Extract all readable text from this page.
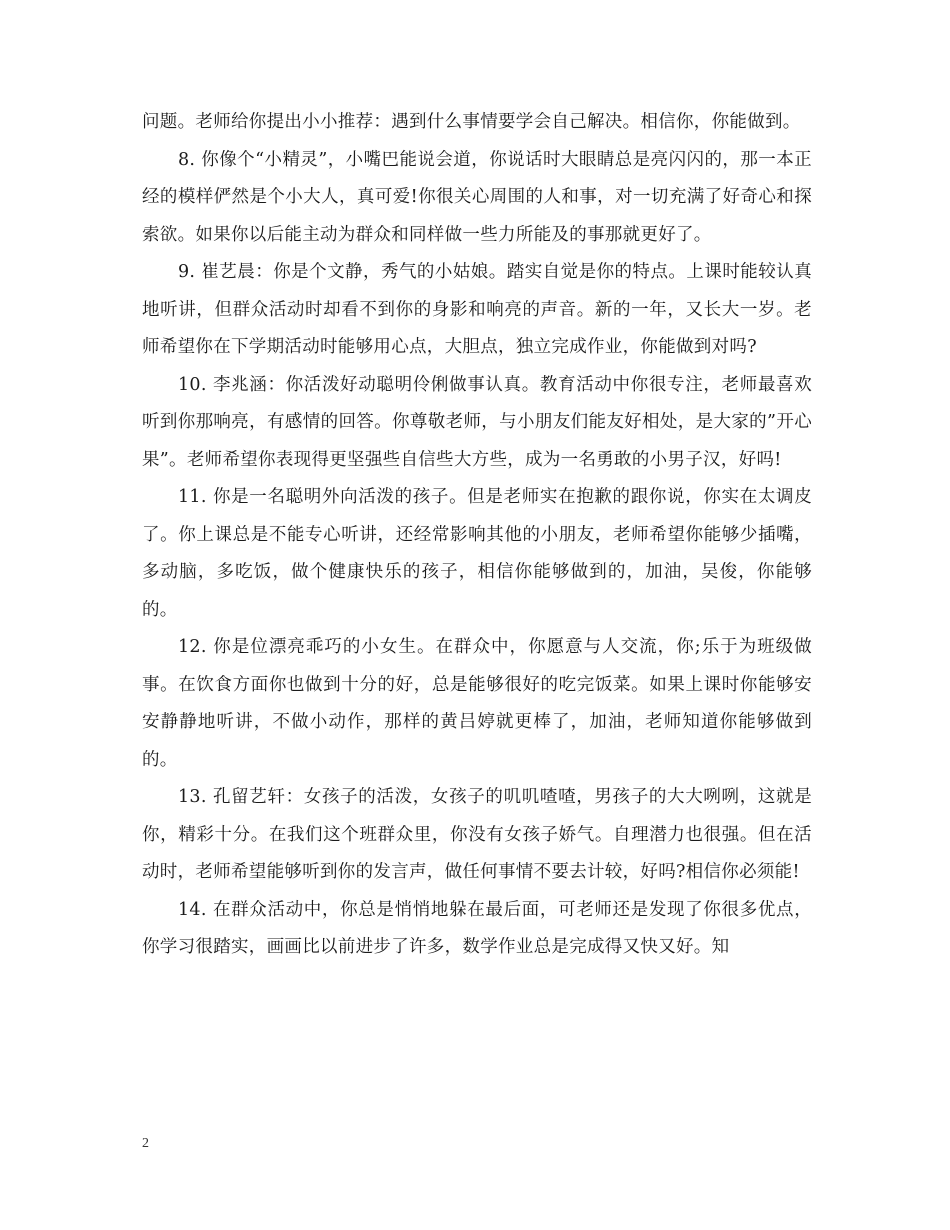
问题。老师给你提出小小推荐：遇到什么事情要学会自己解决。相信你，你能做到。

8. 你像个“小精灵”，小嘴巴能说会道，你说话时大眼睛总是亮闪闪的，那一本正经的模样俨然是个小大人，真可爱!你很关心周围的人和事，对一切充满了好奇心和探索欲。如果你以后能主动为群众和同样做一些力所能及的事那就更好了。

9. 崔艺晨：你是个文静，秀气的小姑娘。踏实自觉是你的特点。上课时能较认真地听讲，但群众活动时却看不到你的身影和响亮的声音。新的一年，又长大一岁。老师希望你在下学期活动时能够用心点，大胆点，独立完成作业，你能做到对吗?

10. 李兆涵：你活泼好动聪明伶俐做事认真。教育活动中你很专注，老师最喜欢听到你那响亮，有感情的回答。你尊敬老师，与小朋友们能友好相处，是大家的”开心果”。老师希望你表现得更坚强些自信些大方些，成为一名勇敢的小男子汉，好吗!

11. 你是一名聪明外向活泼的孩子。但是老师实在抱歉的跟你说，你实在太调皮了。你上课总是不能专心听讲，还经常影响其他的小朋友，老师希望你能够少插嘴，多动脑，多吃饭，做个健康快乐的孩子，相信你能够做到的，加油，吴俊，你能够的。

12. 你是位漂亮乖巧的小女生。在群众中，你愿意与人交流，你;乐于为班级做事。在饮食方面你也做到十分的好，总是能够很好的吃完饭菜。如果上课时你能够安安静静地听讲，不做小动作，那样的黄吕婷就更棒了，加油，老师知道你能够做到的。

13. 孔留艺轩：女孩子的活泼，女孩子的叽叽喳喳，男孩子的大大咧咧，这就是你，精彩十分。在我们这个班群众里，你没有女孩子娇气。自理潜力也很强。但在活动时，老师希望能够听到你的发言声，做任何事情不要去计较，好吗?相信你必须能!

14. 在群众活动中，你总是悄悄地躲在最后面，可老师还是发现了你很多优点，你学习很踏实，画画比以前进步了许多，数学作业总是完成得又快又好。知

2
